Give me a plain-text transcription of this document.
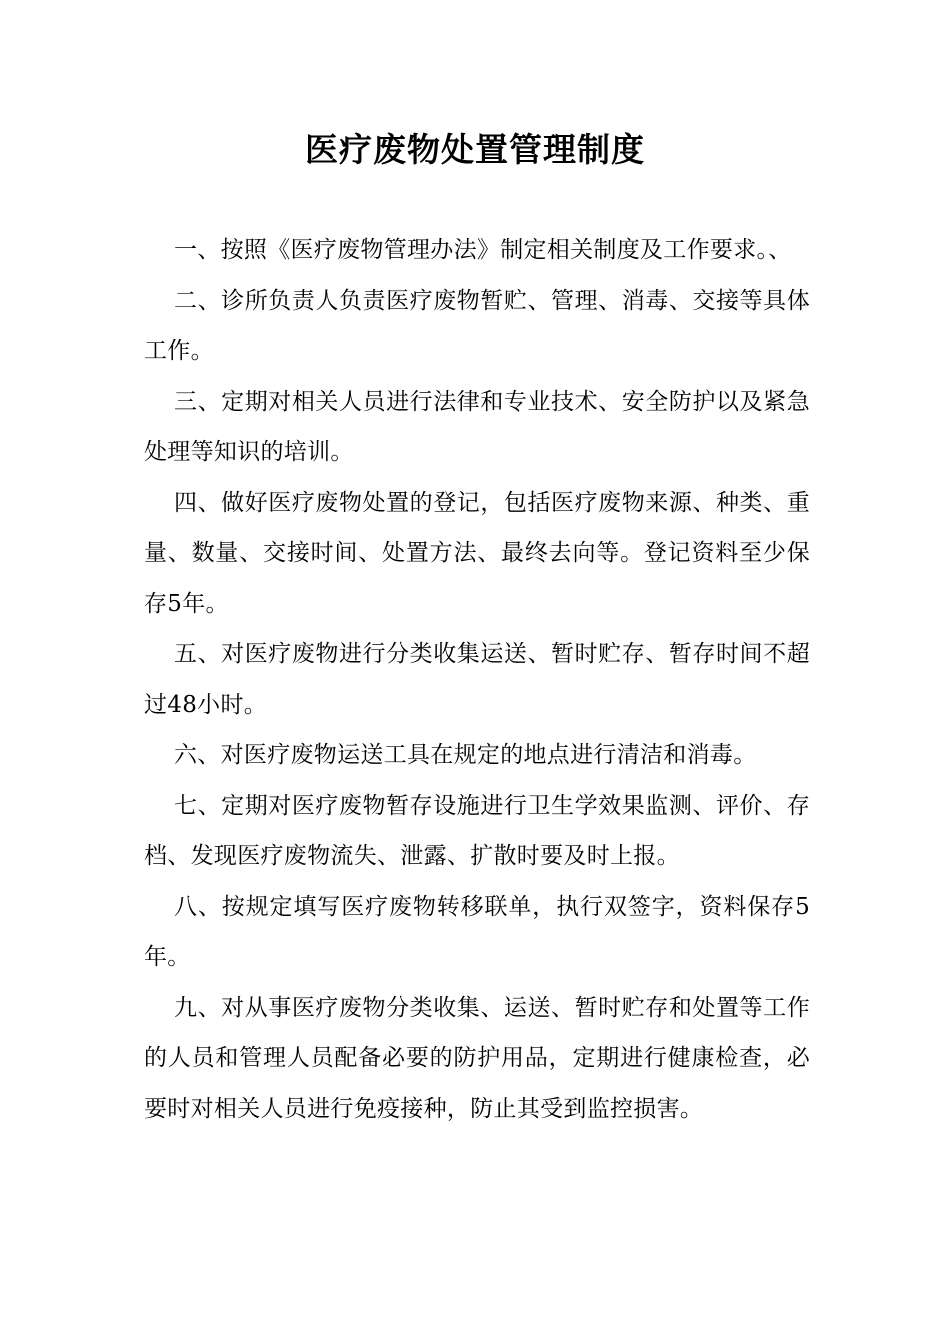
医疗废物处置管理制度

一、按照《医疗废物管理办法》制定相关制度及工作要求。、

二、诊所负责人负责医疗废物暂贮、管理、消毒、交接等具体工作。

三、定期对相关人员进行法律和专业技术、安全防护以及紧急处理等知识的培训。

四、做好医疗废物处置的登记，包括医疗废物来源、种类、重量、数量、交接时间、处置方法、最终去向等。登记资料至少保存5年。

五、对医疗废物进行分类收集运送、暂时贮存、暂存时间不超过48小时。

六、对医疗废物运送工具在规定的地点进行清洁和消毒。

七、定期对医疗废物暂存设施进行卫生学效果监测、评价、存档、发现医疗废物流失、泄露、扩散时要及时上报。

八、按规定填写医疗废物转移联单，执行双签字，资料保存5年。

九、对从事医疗废物分类收集、运送、暂时贮存和处置等工作的人员和管理人员配备必要的防护用品，定期进行健康检查，必要时对相关人员进行免疫接种，防止其受到监控损害。
